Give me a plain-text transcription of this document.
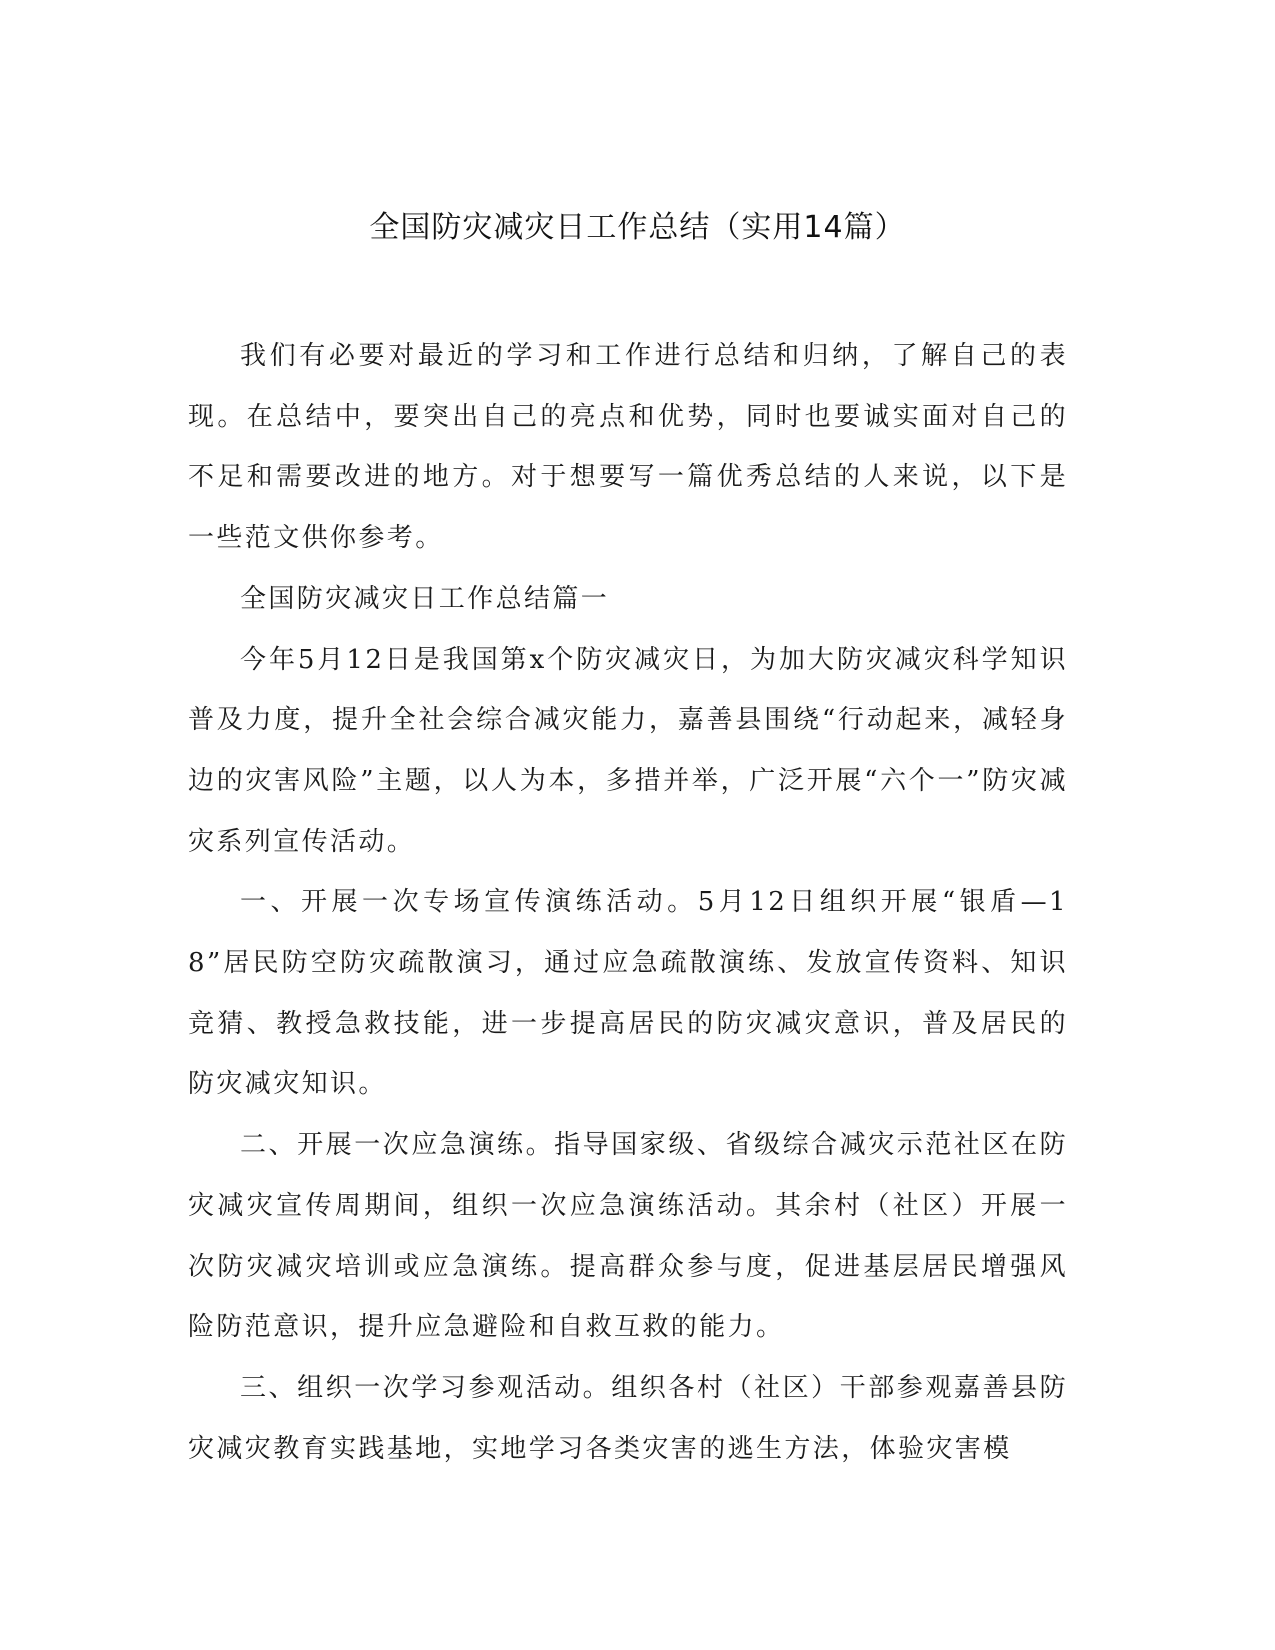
全国防灾减灾日工作总结（实用14篇）

我们有必要对最近的学习和工作进行总结和归纳，了解自己的表现。在总结中，要突出自己的亮点和优势，同时也要诚实面对自己的不足和需要改进的地方。对于想要写一篇优秀总结的人来说，以下是一些范文供你参考。

全国防灾减灾日工作总结篇一

今年5月12日是我国第x个防灾减灾日，为加大防灾减灾科学知识普及力度，提升全社会综合减灾能力，嘉善县围绕“行动起来，减轻身边的灾害风险”主题，以人为本，多措并举，广泛开展“六个一”防灾减灾系列宣传活动。

一、开展一次专场宣传演练活动。5月12日组织开展“银盾—18”居民防空防灾疏散演习，通过应急疏散演练、发放宣传资料、知识竞猜、教授急救技能，进一步提高居民的防灾减灾意识，普及居民的防灾减灾知识。

二、开展一次应急演练。指导国家级、省级综合减灾示范社区在防灾减灾宣传周期间，组织一次应急演练活动。其余村（社区）开展一次防灾减灾培训或应急演练。提高群众参与度，促进基层居民增强风险防范意识，提升应急避险和自救互救的能力。

三、组织一次学习参观活动。组织各村（社区）干部参观嘉善县防灾减灾教育实践基地，实地学习各类灾害的逃生方法，体验灾害模
